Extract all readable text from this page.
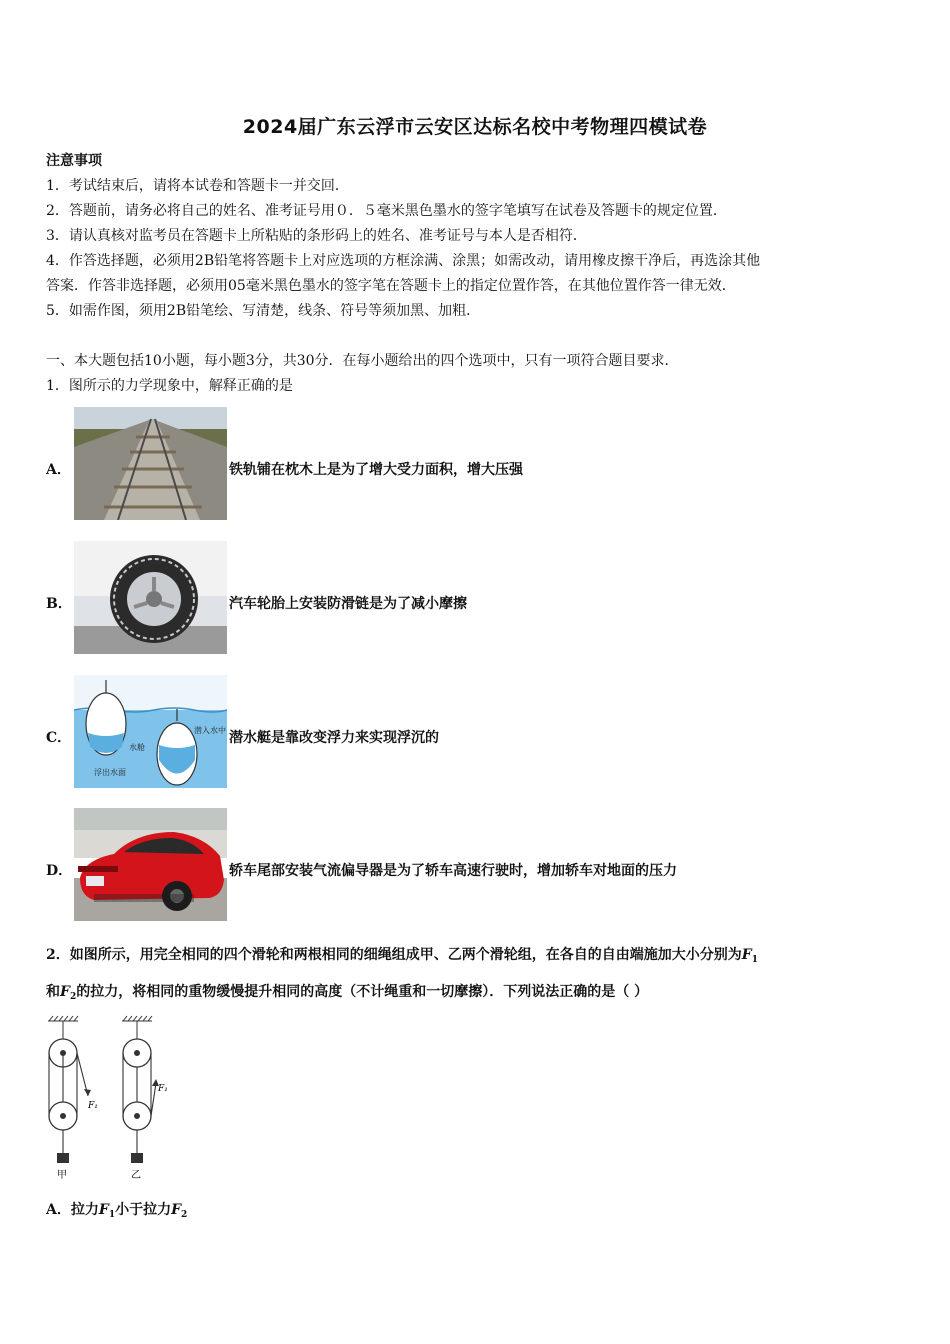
2024届广东云浮市云安区达标名校中考物理四模试卷
注意事项
1．考试结束后，请将本试卷和答题卡一并交回．
2．答题前，请务必将自己的姓名、准考证号用０．５毫米黑色墨水的签字笔填写在试卷及答题卡的规定位置．
3．请认真核对监考员在答题卡上所粘贴的条形码上的姓名、准考证号与本人是否相符．
4．作答选择题，必须用2B铅笔将答题卡上对应选项的方框涂满、涂黑；如需改动，请用橡皮擦干净后，再选涂其他
答案．作答非选择题，必须用05毫米黑色墨水的签字笔在答题卡上的指定位置作答，在其他位置作答一律无效．
5．如需作图，须用2B铅笔绘、写清楚，线条、符号等须加黑、加粗．
一、本大题包括10小题，每小题3分，共30分．在每小题给出的四个选项中，只有一项符合题目要求．
1．图所示的力学现象中，解释正确的是
A．	铁轨铺在枕木上是为了增大受力面积，增大压强
B．	汽车轮胎上安装防滑链是为了减小摩擦
潜入水中
水舱
浮出水面
C．	潜水艇是靠改变浮力来实现浮沉的
D．	轿车尾部安装气流偏导器是为了轿车高速行驶时，增加轿车对地面的压力
2．如图所示，用完全相同的四个滑轮和两根相同的细绳组成甲、乙两个滑轮组，在各自的自由端施加大小分别为$F_1$
和$F_2$的拉力，将相同的重物缓慢提升相同的高度（不计绳重和一切摩擦）．下列说法正确的是（ ）
F₁
甲
F₁
乙
A．拉力$F_1$小于拉力$F_2$
